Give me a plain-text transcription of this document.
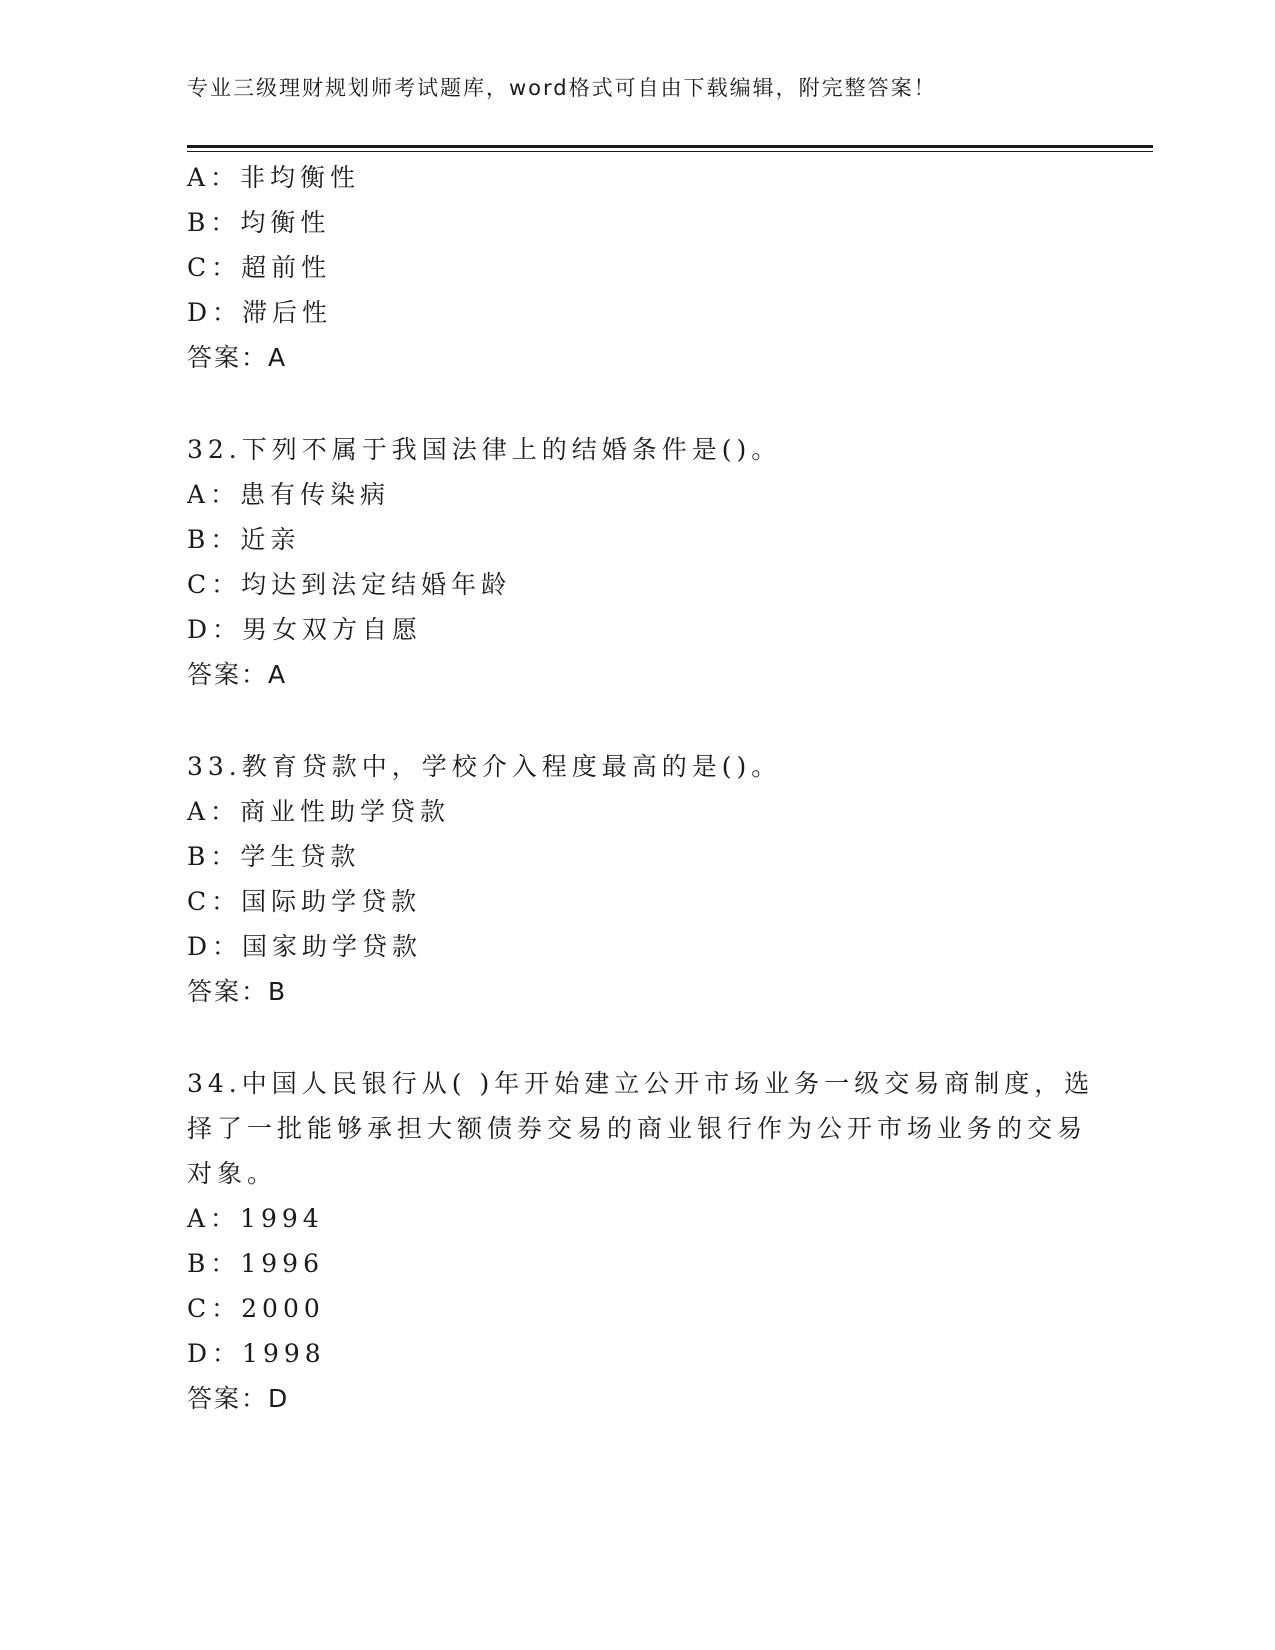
专业三级理财规划师考试题库，word格式可自由下载编辑，附完整答案！
A：非均衡性
B：均衡性
C：超前性
D：滞后性
答案：A
32.下列不属于我国法律上的结婚条件是()。
A：患有传染病
B：近亲
C：均达到法定结婚年龄
D：男女双方自愿
答案：A
33.教育贷款中，学校介入程度最高的是()。
A：商业性助学贷款
B：学生贷款
C：国际助学贷款
D：国家助学贷款
答案：B
34.中国人民银行从( )年开始建立公开市场业务一级交易商制度，选
择了一批能够承担大额债券交易的商业银行作为公开市场业务的交易
对象。
A：1994
B：1996
C：2000
D：1998
答案：D
